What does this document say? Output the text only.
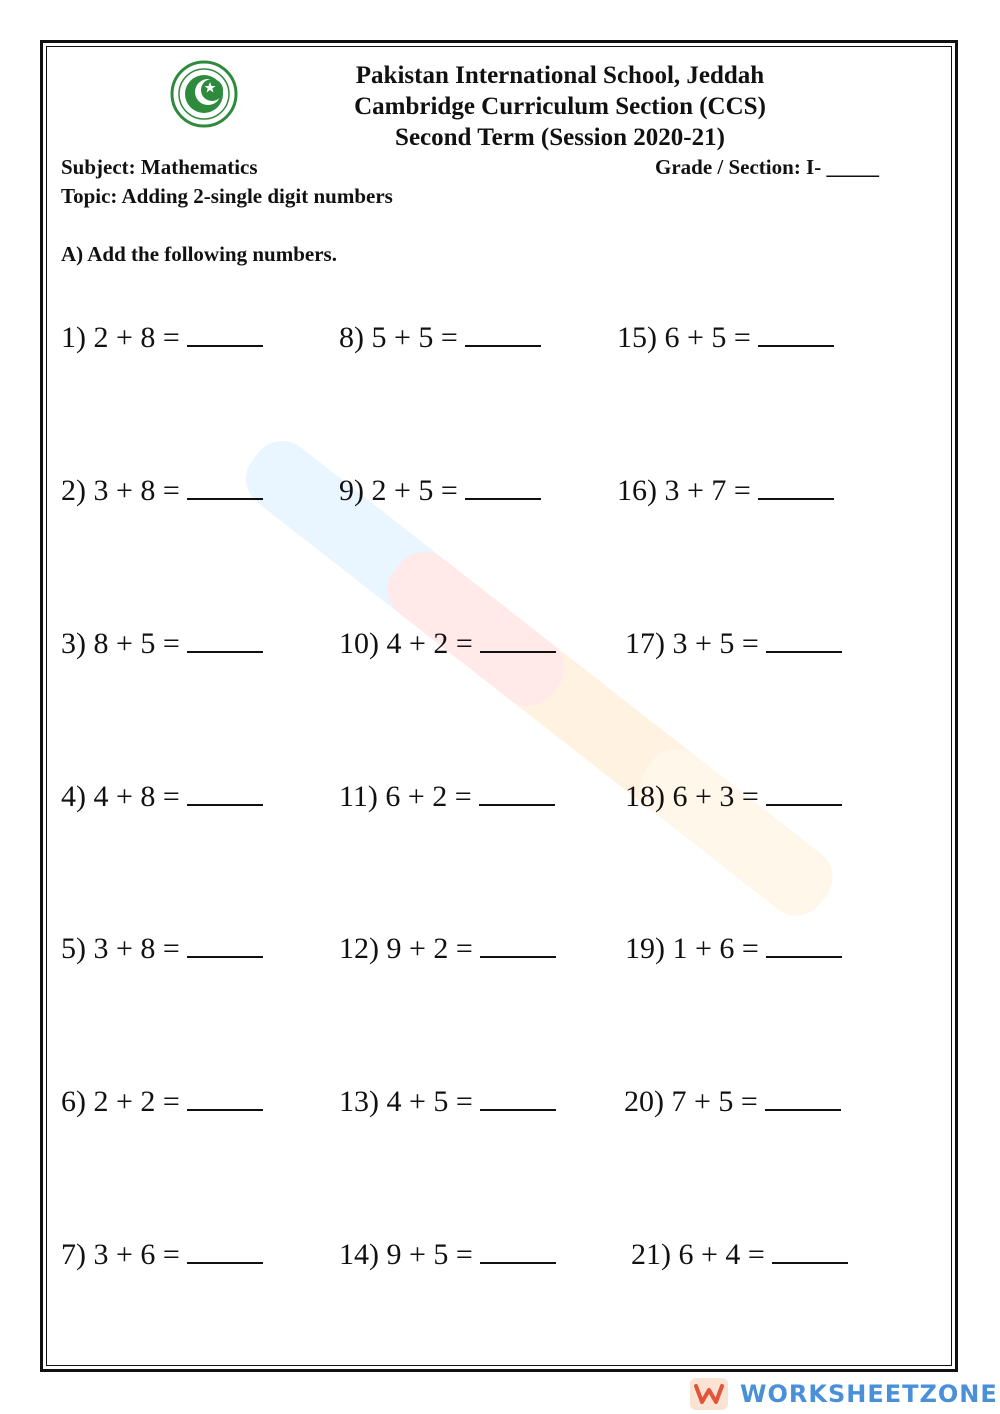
Pakistan International School, Jeddah
Cambridge Curriculum Section (CCS)
Second Term (Session 2020-21)
Subject: Mathematics	Grade / Section: I- _____
Topic: Adding 2-single digit numbers
A) Add the following numbers.
1) 2 + 8 =	8) 5 + 5 =	15) 6 + 5 =
2) 3 + 8 =	9) 2 + 5 =	16) 3 + 7 =
3) 8 + 5 =	10) 4 + 2 =	17) 3 + 5 =
4) 4 + 8 =	11) 6 + 2 =	18) 6 + 3 =
5) 3 + 8 =	12) 9 + 2 =	19) 1 + 6 =
6) 2 + 2 =	13) 4 + 5 =	20) 7 + 5 =
7) 3 + 6 =	14) 9 + 5 =	21) 6 + 4 =
WORKSHEETZONE
